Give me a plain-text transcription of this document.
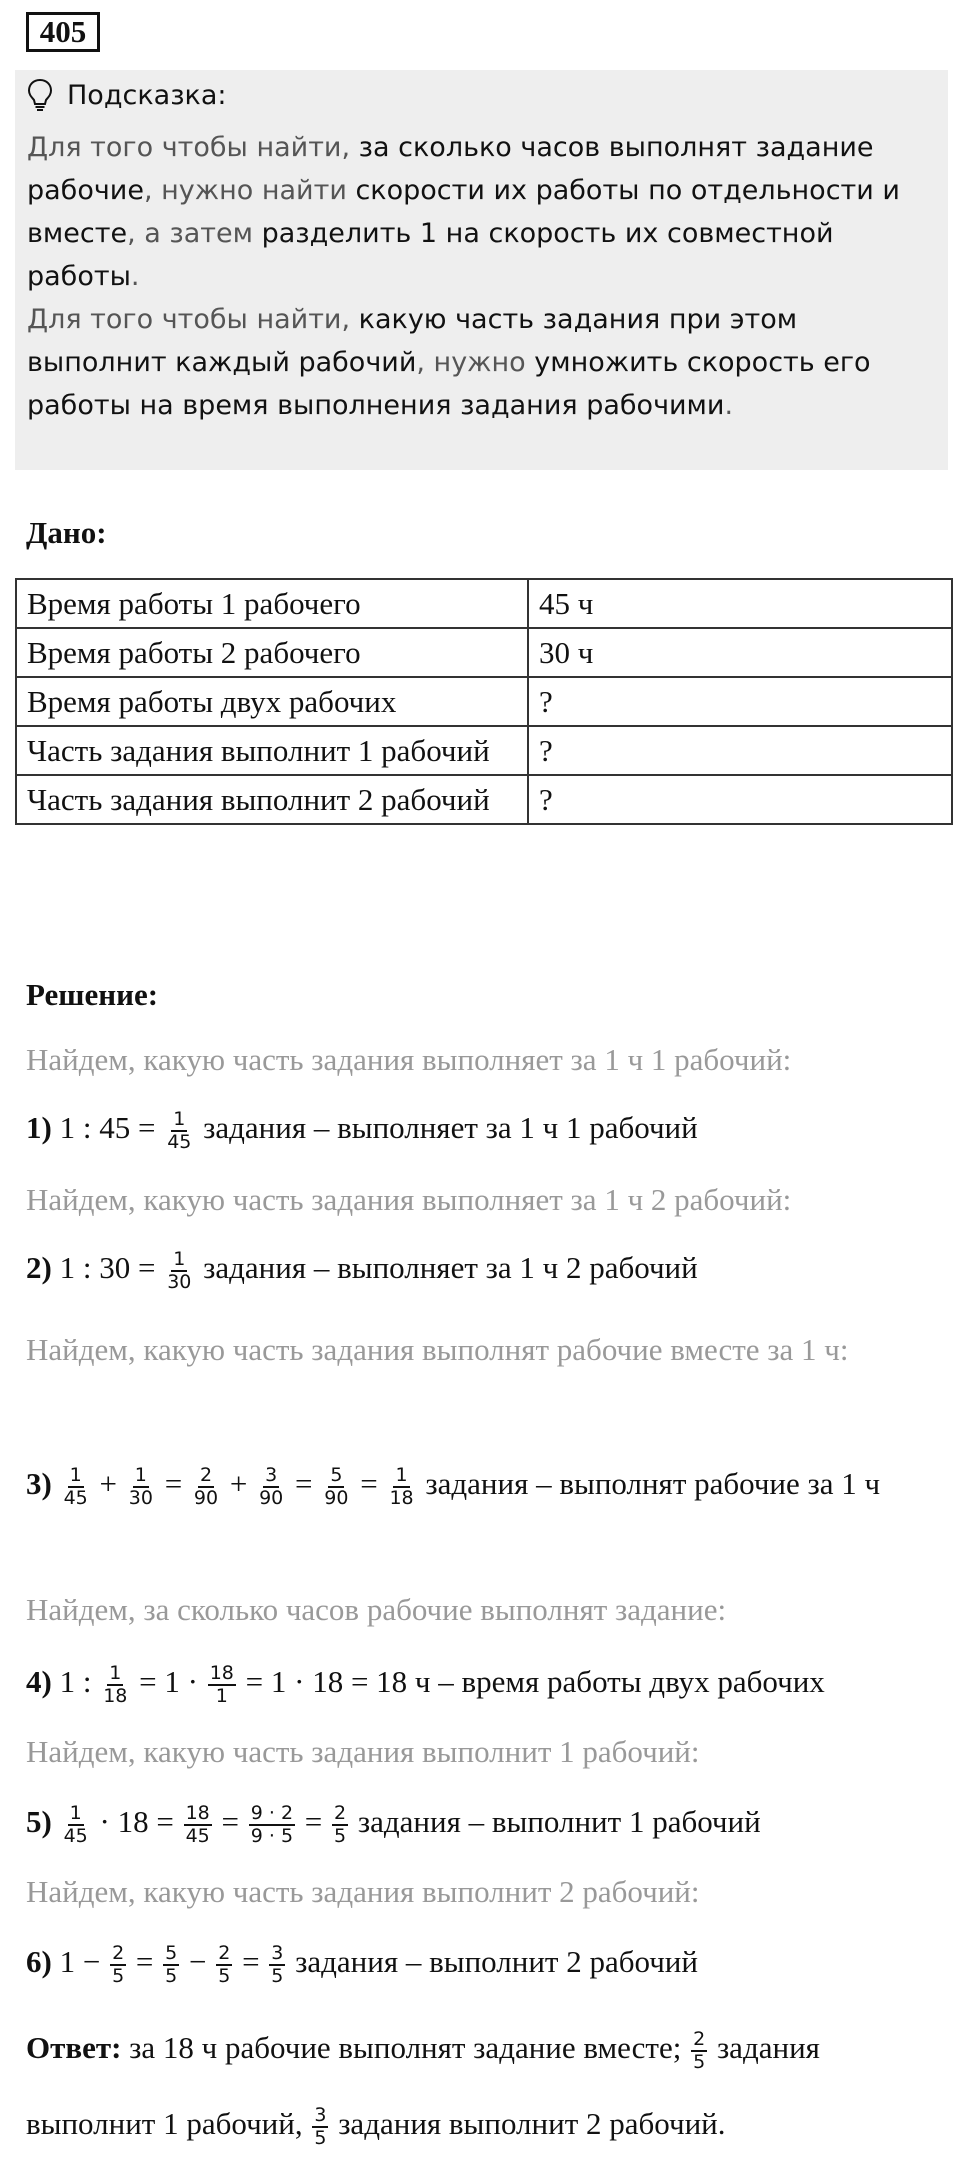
405
Подсказка:
Для того чтобы найти, за сколько часов выполнят задание рабочие, нужно найти скорости их работы по отдельности и вместе, а затем разделить 1 на скорость их совместной работы.
Для того чтобы найти, какую часть задания при этом выполнит каждый рабочий, нужно умножить скорость его работы на время выполнения задания рабочими.
Дано:
Время работы 1 рабочего	45 ч
Время работы 2 рабочего	30 ч
Время работы двух рабочих	?
Часть задания выполнит 1 рабочий	?
Часть задания выполнит 2 рабочий	?
Решение:
Найдем, какую часть задания выполняет за 1 ч 1 рабочий:
1) 1 : $45 = \frac{1}{45}$ задания – выполняет за 1 ч 1 рабочий
Найдем, какую часть задания выполняет за 1 ч 2 рабочий:
2) 1 : $30 = \frac{1}{30}$ задания – выполняет за 1 ч 2 рабочий
Найдем, какую часть задания выполнят рабочие вместе за 1 ч:
$3) \frac{1}{45} + \frac{1}{30} = \frac{2}{90} + \frac{3}{90} = \frac{5}{90} = \frac{1}{18}$ задания – выполнят рабочие за 1 ч
Найдем, за сколько часов рабочие выполнят задание:
4) 1 : $\frac{1}{18} = 1 \cdot \frac{18}{1} = 1 \cdot 18 = 18$ ч – время работы двух рабочих
Найдем, какую часть задания выполнит 1 рабочий:
$5) \frac{1}{45} \cdot 18 = \frac{18}{45} = \frac{9 \cdot 2}{9 \cdot 5} = \frac{2}{5}$ задания – выполнит 1 рабочий
Найдем, какую часть задания выполнит 2 рабочий:
6) $1 - \frac{2}{5} = \frac{5}{5} - \frac{2}{5} = \frac{3}{5}$ задания – выполнит 2 рабочий
Ответ: за 18 ч рабочие выполнят задание вместе; $\frac{2}{5}$ задания выполнит 1 рабочий, $\frac{3}{5}$ задания выполнит 2 рабочий.
